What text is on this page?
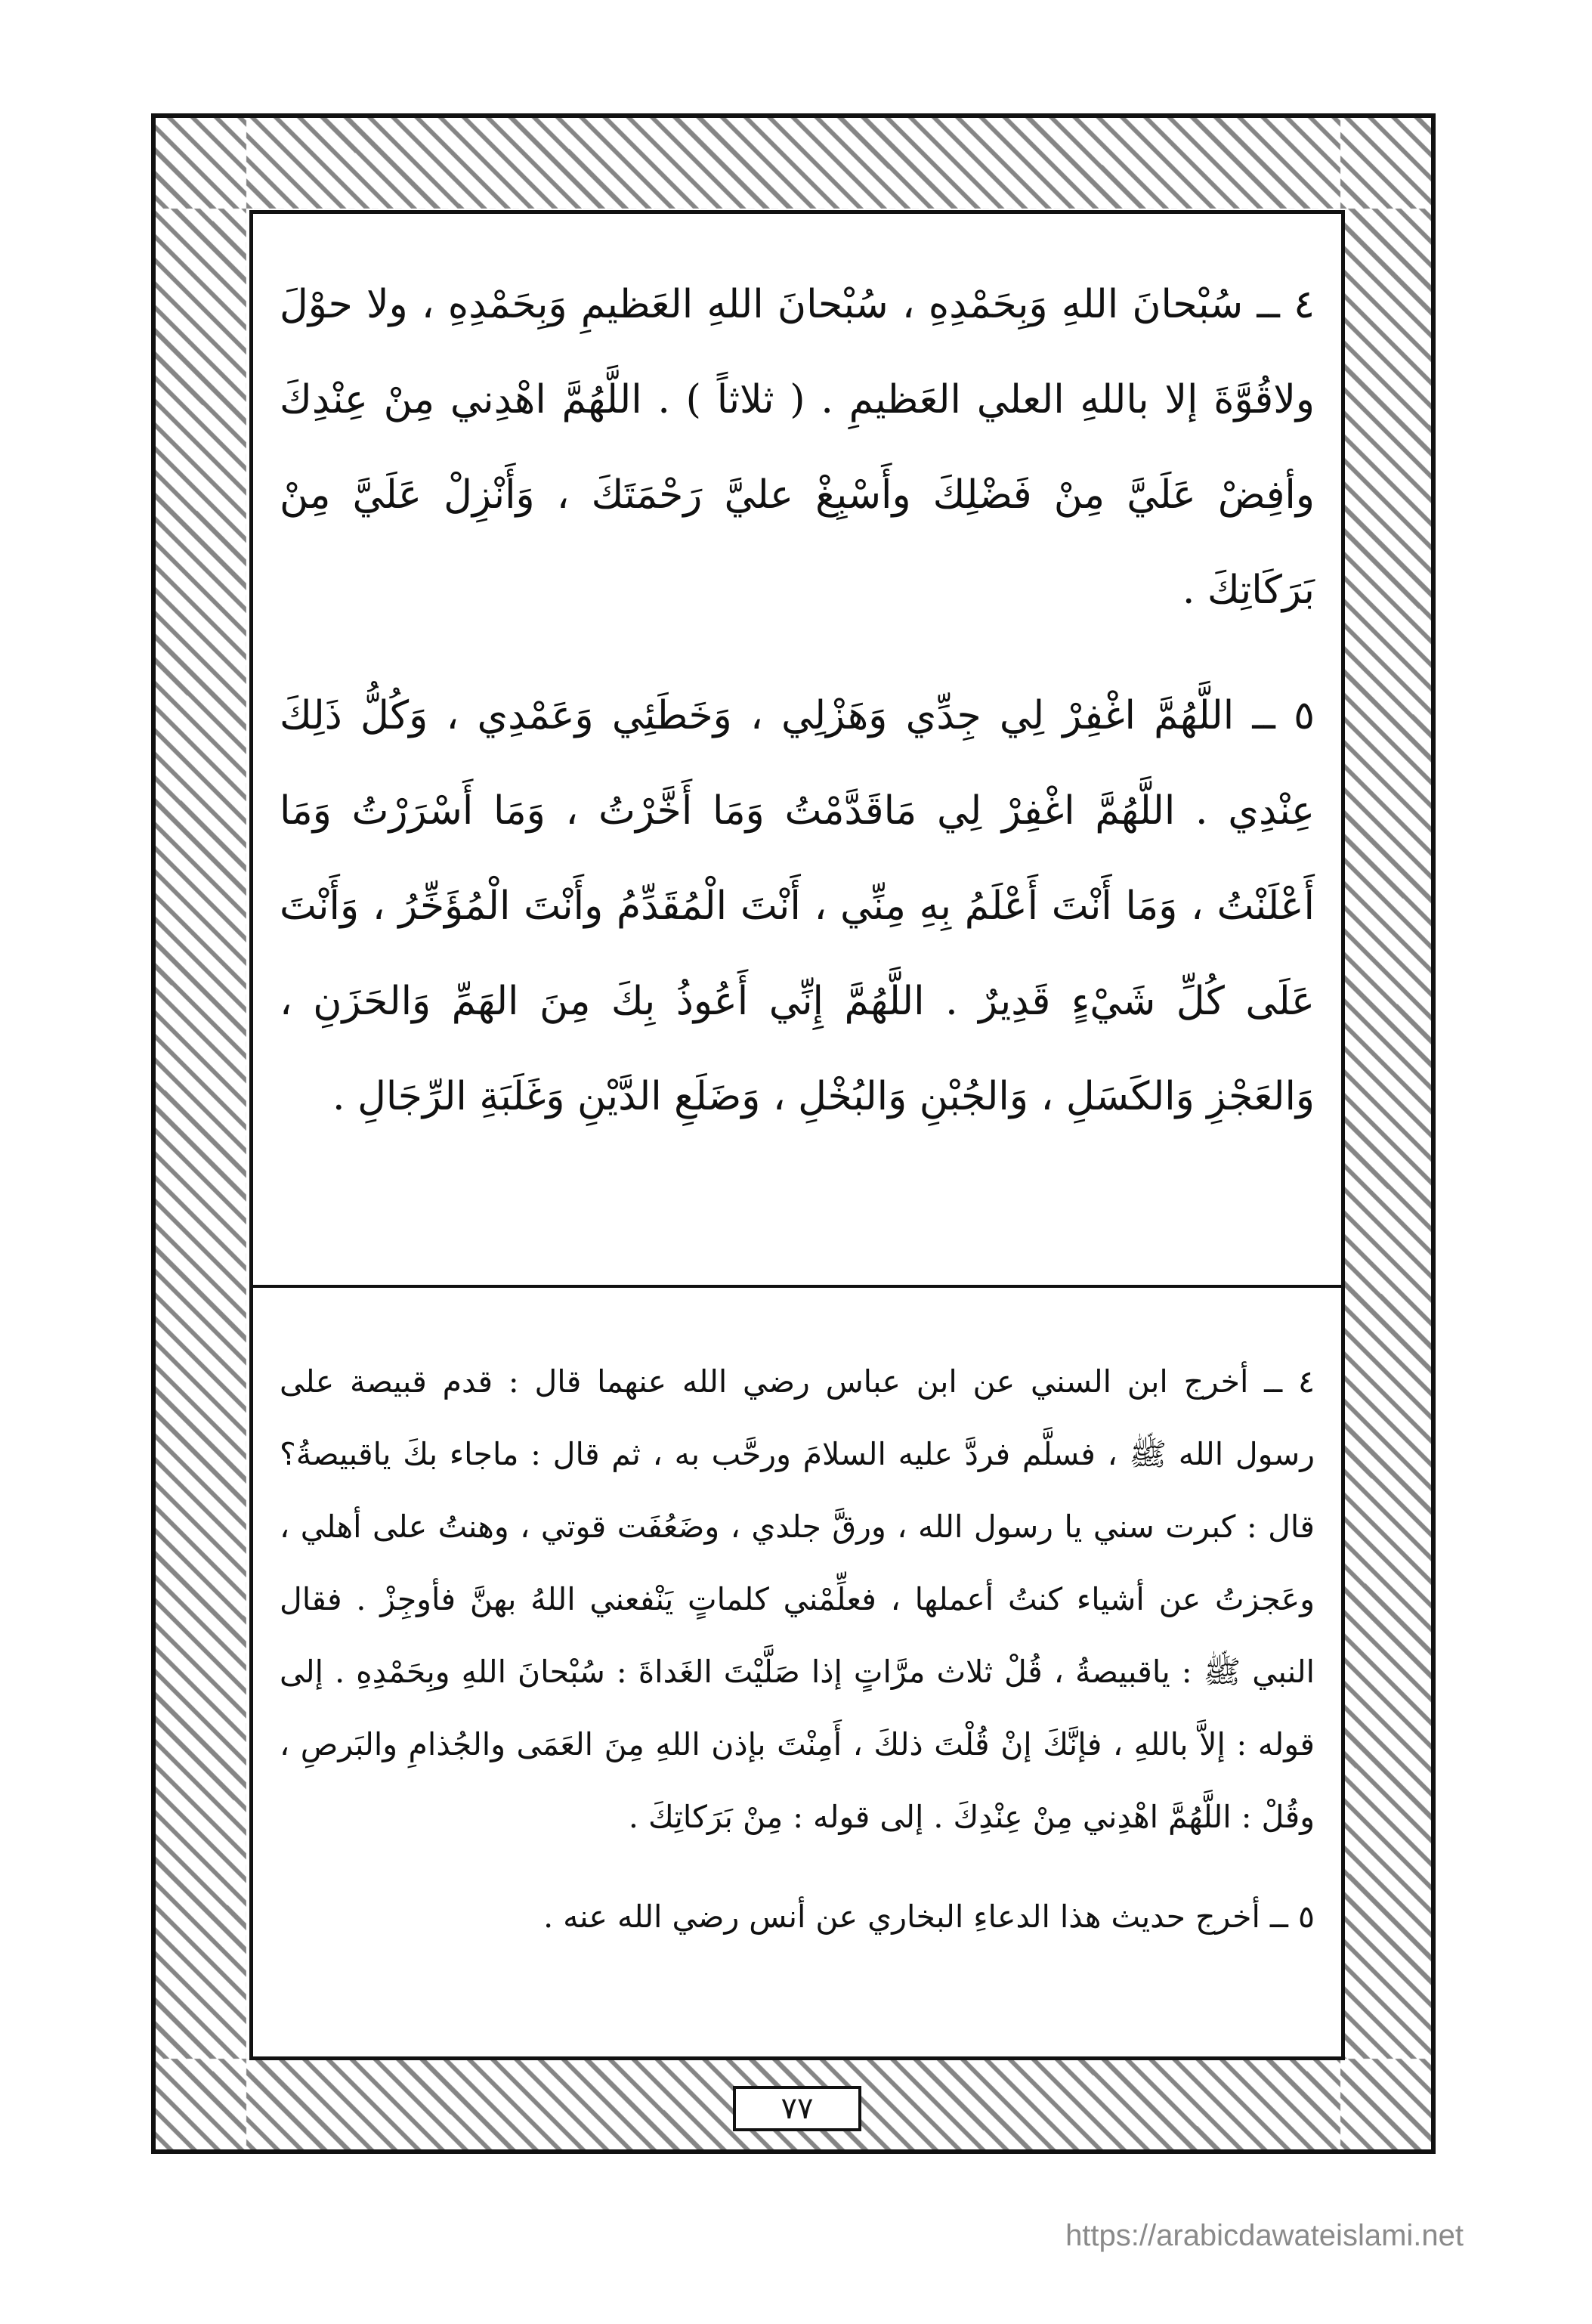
٤ ــ سُبْحانَ اللهِ وَبِحَمْدِهِ ، سُبْحانَ اللهِ العَظيمِ وَبِحَمْدِهِ ، ولا حوْلَ ولاقُوَّةَ إلا باللهِ العلي العَظيمِ . ( ثلاثاً ) . اللَّهُمَّ اهْدِني مِنْ عِنْدِكَ وأفِضْ عَلَيَّ مِنْ فَضْلِكَ وأَسْبِغْ عليَّ رَحْمَتَكَ ، وَأَنْزِلْ عَلَيَّ مِنْ بَرَكَاتِكَ .

٥ ــ اللَّهُمَّ اغْفِرْ لِي جِدِّي وَهَزْلِي ، وَخَطَئِي وَعَمْدِي ، وَكُلُّ ذَلِكَ عِنْدِي . اللَّهُمَّ اغْفِرْ لِي مَاقَدَّمْتُ وَمَا أَخَّرْتُ ، وَمَا أَسْرَرْتُ وَمَا أَعْلَنْتُ ، وَمَا أَنْتَ أَعْلَمُ بِهِ مِنِّي ، أَنْتَ الْمُقَدِّمُ وأَنْتَ الْمُؤَخِّرُ ، وَأَنْتَ عَلَى كُلِّ شَيْءٍ قَدِيرٌ . اللَّهُمَّ إِنِّي أَعُوذُ بِكَ مِنَ الهَمِّ وَالحَزَنِ ، وَالعَجْزِ وَالكَسَلِ ، وَالجُبْنِ وَالبُخْلِ ، وَضَلَعِ الدَّيْنِ وَغَلَبَةِ الرِّجَالِ .

٤ ــ أخرج ابن السني عن ابن عباس رضي الله عنهما قال : قدم قبيصة على رسول الله ﷺ ، فسلَّم فردَّ عليه السلامَ ورحَّب به ، ثم قال : ماجاء بكَ ياقبيصةُ؟ قال : كبرت سني يا رسول الله ، ورقَّ جلدي ، وضَعُفَت قوتي ، وهنتُ على أهلي ، وعَجزتُ عن أشياء كنتُ أعملها ، فعلِّمْني كلماتٍ يَنْفعني اللهُ بهنَّ فأوجِزْ . فقال النبي ﷺ : ياقبيصةُ ، قُلْ ثلاث مرَّاتٍ إذا صَلَّيْتَ الغَداةَ : سُبْحانَ اللهِ وبِحَمْدِهِ . إلى قوله : إلاَّ باللهِ ، فإنَّكَ إنْ قُلْتَ ذلكَ ، أَمِنْتَ بإذن اللهِ مِنَ العَمَى والجُذامِ والبَرصِ ، وقُلْ : اللَّهُمَّ اهْدِني مِنْ عِنْدِكَ . إلى قوله : مِنْ بَرَكاتِكَ .

٥ ــ أخرج حديث هذا الدعاءِ البخاري عن أنس رضي الله عنه .

٧٧
https://arabicdawateislami.net
